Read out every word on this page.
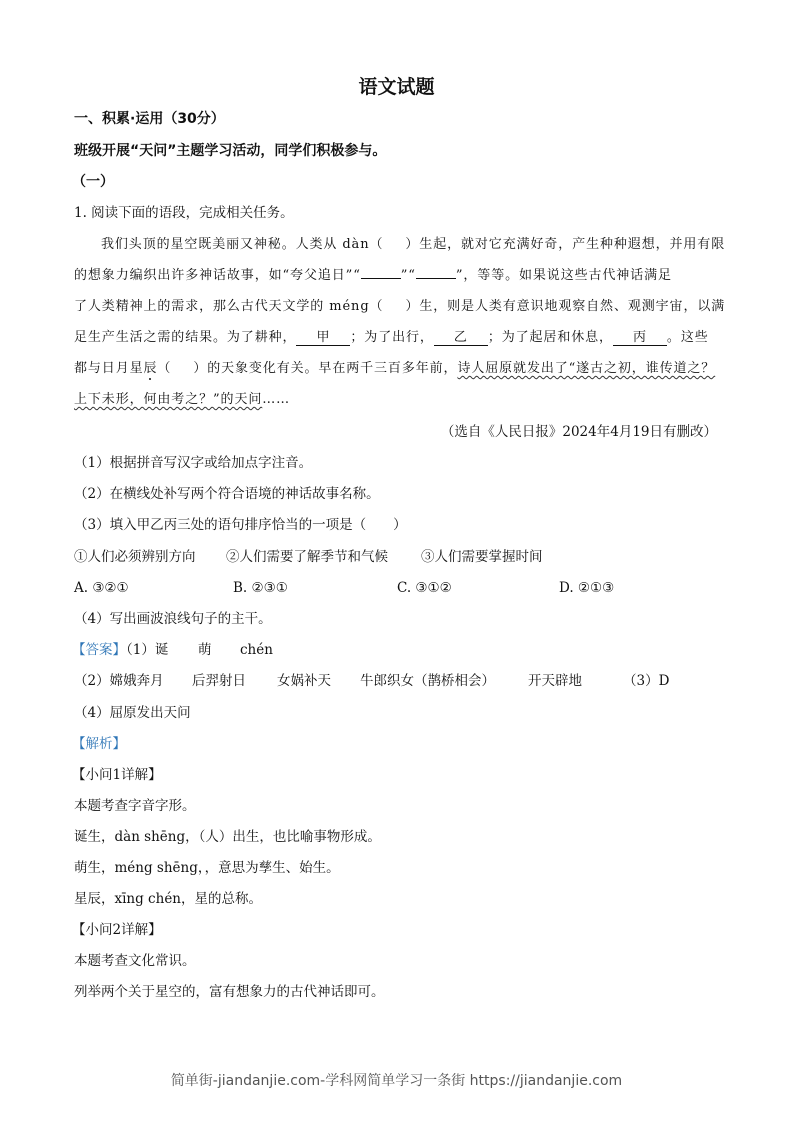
语文试题
一、积累·运用（30分）
班级开展“天问”主题学习活动，同学们积极参与。
（一）
1. 阅读下面的语段，完成相关任务。
我们头顶的星空既美丽又神秘。人类从 dàn（ ）生起，就对它充满好奇，产生种种遐想，并用有限
的想象力编织出许多神话故事，如“夸父追日”“	”“	”，等等。如果说这些古代神话满足
了人类精神上的需求，那么古代天文学的 méng（ ）生，则是人类有意识地观察自然、观测宇宙，以满
足生产生活之需的结果。为了耕种， 甲 ；为了出行， 乙 ；为了起居和休息， 丙 。这些
都与日月星辰（ ）的天象变化有关。早在两千三百多年前，诗人屈原就发出了“遂古之初，谁传道之？
上下未形，何由考之？”的天问……
（选自《人民日报》2024年4月19日有删改）
（1）根据拼音写汉字或给加点字注音。
（2）在横线处补写两个符合语境的神话故事名称。
（3）填入甲乙丙三处的语句排序恰当的一项是（　　）
①人们必须辨别方向 ②人们需要了解季节和气候 ③人们需要掌握时间
A. ③②①	B. ②③①	C. ③①②	D. ②①③
（4）写出画波浪线句子的主干。
【答案】（1）诞 萌 chén
（2）嫦娥奔月 后羿射日 女娲补天 牛郎织女（鹊桥相会） 开天辟地	（3）D
（4）屈原发出天问
【解析】
【小问1详解】
本题考查字音字形。
诞生，dàn shēng，（人）出生，也比喻事物形成。
萌生，méng shēng，，意思为孳生、始生。
星辰，xīng chén，星的总称。
【小问2详解】
本题考查文化常识。
列举两个关于星空的，富有想象力的古代神话即可。
简单街-jiandanjie.com-学科网简单学习一条街 https://jiandanjie.com
